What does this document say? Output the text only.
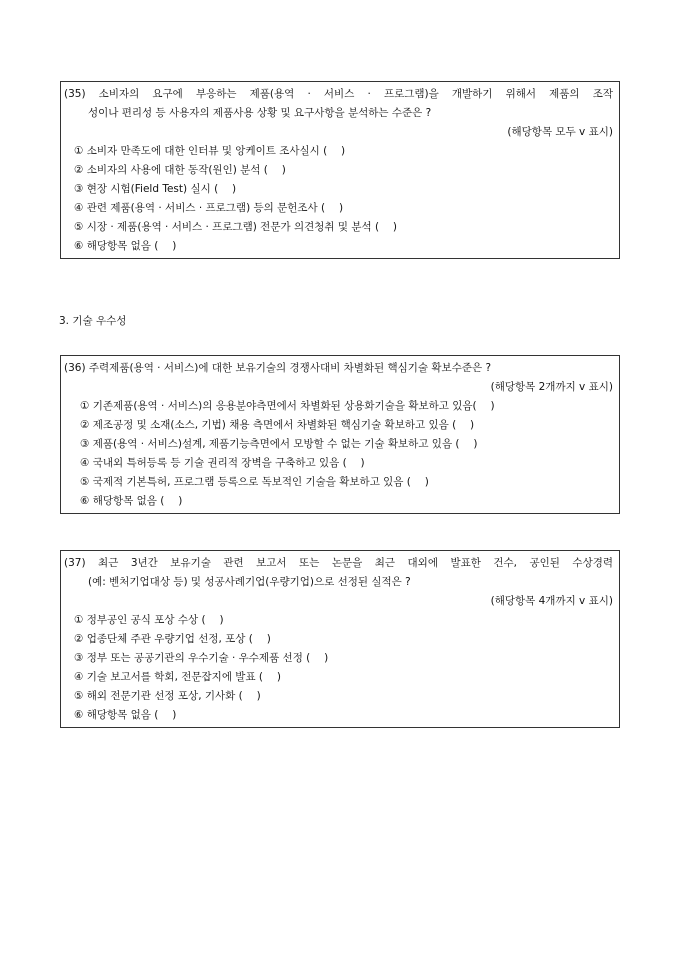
(35) 소비자의 요구에 부응하는 제품(용역 · 서비스 · 프로그램)을 개발하기 위해서 제품의 조작
성이나 편리성 등 사용자의 제품사용 상황 및 요구사항을 분석하는 수준은 ?
(해당항목 모두 v 표시)
① 소비자 만족도에 대한 인터뷰 및 앙케이트 조사실시 (　 )
② 소비자의 사용에 대한 동작(원인) 분석 (　 )
③ 현장 시험(Field Test) 실시 (　 )
④ 관련 제품(용역 · 서비스 · 프로그램) 등의 문헌조사 (　 )
⑤ 시장 · 제품(용역 · 서비스 · 프로그램) 전문가 의견청취 및 분석 (　 )
⑥ 해당항목 없음 (　 )
3. 기술 우수성
(36) 주력제품(용역 · 서비스)에 대한 보유기술의 경쟁사대비 차별화된 핵심기술 확보수준은 ?
(해당항목 2개까지 v 표시)
① 기존제품(용역 · 서비스)의 응용분야측면에서 차별화된 상용화기술을 확보하고 있음(　 )
② 제조공정 및 소재(소스, 기법) 채용 측면에서 차별화된 핵심기술 확보하고 있음 (　 )
③ 제품(용역 · 서비스)설계, 제품기능측면에서 모방할 수 없는 기술 확보하고 있음 (　 )
④ 국내외 특허등록 등 기술 권리적 장벽을 구축하고 있음 (　 )
⑤ 국제적 기본특허, 프로그램 등록으로 독보적인 기술을 확보하고 있음 (　 )
⑥ 해당항목 없음 (　 )
(37) 최근 3년간 보유기술 관련 보고서 또는 논문을 최근 대외에 발표한 건수, 공인된 수상경력
(예: 벤처기업대상 등) 및 성공사례기업(우량기업)으로 선정된 실적은 ?
(해당항목 4개까지 v 표시)
① 정부공인 공식 포상 수상 (　 )
② 업종단체 주관 우량기업 선정, 포상 (　 )
③ 정부 또는 공공기관의 우수기술 · 우수제품 선정 (　 )
④ 기술 보고서를 학회, 전문잡지에 발표 (　 )
⑤ 해외 전문기관 선정 포상, 기사화 (　 )
⑥ 해당항목 없음 (　 )
